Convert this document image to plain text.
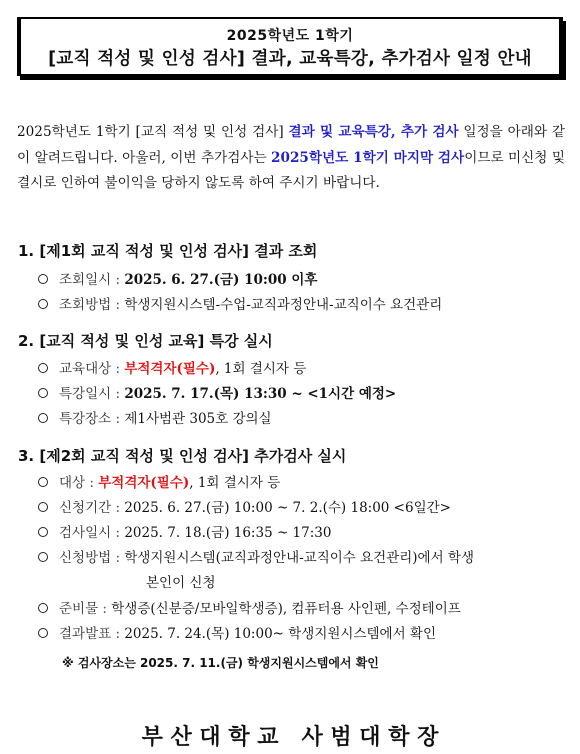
2025학년도 1학기
[교직 적성 및 인성 검사] 결과, 교육특강, 추가검사 일정 안내
2025학년도 1학기 [교직 적성 및 인성 검사] 결과 및 교육특강, 추가 검사 일정을 아래와 같이 알려드립니다. 아울러, 이번 추가검사는 2025학년도 1학기 마지막 검사이므로 미신청 및 결시로 인하여 불이익을 당하지 않도록 하여 주시기 바랍니다.
1. [제1회 교직 적성 및 인성 검사] 결과 조회
조회일시 : 2025. 6. 27.(금) 10:00 이후
조회방법 : 학생지원시스템-수업-교직과정안내-교직이수 요건관리
2. [교직 적성 및 인성 교육] 특강 실시
교육대상 : 부적격자(필수), 1회 결시자 등
특강일시 : 2025. 7. 17.(목) 13:30 ~ <1시간 예정>
특강장소 : 제1사범관 305호 강의실
3. [제2회 교직 적성 및 인성 검사] 추가검사 실시
대상 : 부적격자(필수), 1회 결시자 등
신청기간 : 2025. 6. 27.(금) 10:00 ~ 7. 2.(수) 18:00 <6일간>
검사일시 : 2025. 7. 18.(금) 16:35 ~ 17:30
신청방법 : 학생지원시스템(교직과정안내-교직이수 요건관리)에서 학생
본인이 신청
준비물 : 학생증(신분증/모바일학생증), 컴퓨터용 사인펜, 수정테이프
결과발표 : 2025. 7. 24.(목) 10:00~ 학생지원시스템에서 확인
※ 검사장소는 2025. 7. 11.(금) 학생지원시스템에서 확인
부 산 대 학 교   사 범 대 학 장
